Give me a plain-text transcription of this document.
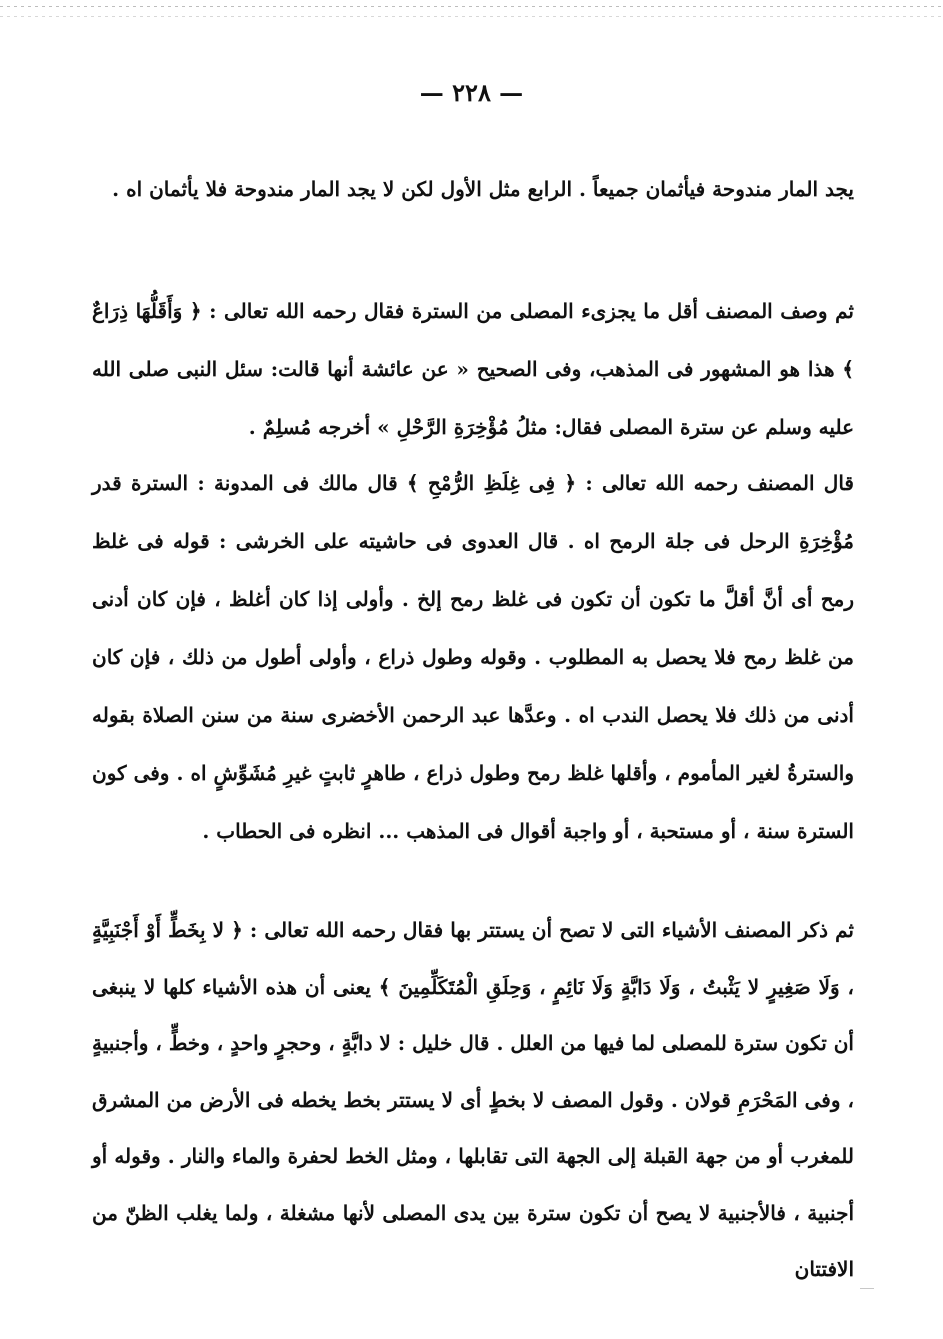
— ٢٢٨ —

يجد المار مندوحة فيأثمان جميعاً . الرابع مثل الأول لكن لا يجد المار مندوحة فلا يأثمان اه .

ثم وصف المصنف أقل ما يجزىء المصلى من السترة فقال رحمه الله تعالى : ﴿ وَأَقَلُّهَا ذِرَاعٌ ﴾ هذا هو المشهور فى المذهب، وفى الصحيح « عن عائشة أنها قالت: سئل النبى صلى الله عليه وسلم عن سترة المصلى فقال: مثلُ مُؤْخِرَةِ الرَّحْلِ » أخرجه مُسلِمٌ .

قال المصنف رحمه الله تعالى : ﴿ فِى غِلَظِ الرُّمْحِ ﴾ قال مالك فى المدونة : السترة قدر مُؤْخِرَةِ الرحل فى جلة الرمح اه . قال العدوى فى حاشيته على الخرشى : قوله فى غلظ رمح أى أنَّ أقلَّ ما تكون أن تكون فى غلظ رمح إلخ . وأولى إذا كان أغلظ ، فإن كان أدنى من غلظ رمح فلا يحصل به المطلوب . وقوله وطول ذراع ، وأولى أطول من ذلك ، فإن كان أدنى من ذلك فلا يحصل الندب اه . وعدَّها عبد الرحمن الأخضرى سنة من سنن الصلاة بقوله والسترةُ لغير المأموم ، وأقلها غلظ رمح وطول ذراع ، طاهرٍ ثابتٍ غيرِ مُشَوِّشٍ اه . وفى كون السترة سنة ، أو مستحبة ، أو واجبة أقوال فى المذهب ... انظره فى الحطاب .

ثم ذكر المصنف الأشياء التى لا تصح أن يستتر بها فقال رحمه الله تعالى : ﴿ لا بِخَطٍّ أَوْ أَجْنَبِيَّةٍ ، وَلَا صَغِيرٍ لا يَثْبتُ ، وَلَا دَابَّةٍ وَلَا نَائِمٍ ، وَحِلَقِ الْمُتَكَلِّمِينَ ﴾ يعنى أن هذه الأشياء كلها لا ينبغى أن تكون سترة للمصلى لما فيها من العلل . قال خليل : لا دابَّةٍ ، وحجرٍ واحدٍ ، وخطٍّ ، وأجنبيةٍ ، وفى المَحْرَمِ قولان . وقول المصف لا بخطٍ أى لا يستتر بخط يخطه فى الأرض من المشرق للمغرب أو من جهة القبلة إلى الجهة التى تقابلها ، ومثل الخط لحفرة والماء والنار . وقوله أو أجنبية ، فالأجنبية لا يصح أن تكون سترة بين يدى المصلى لأنها مشغلة ، ولما يغلب الظنّ من الافتتان
